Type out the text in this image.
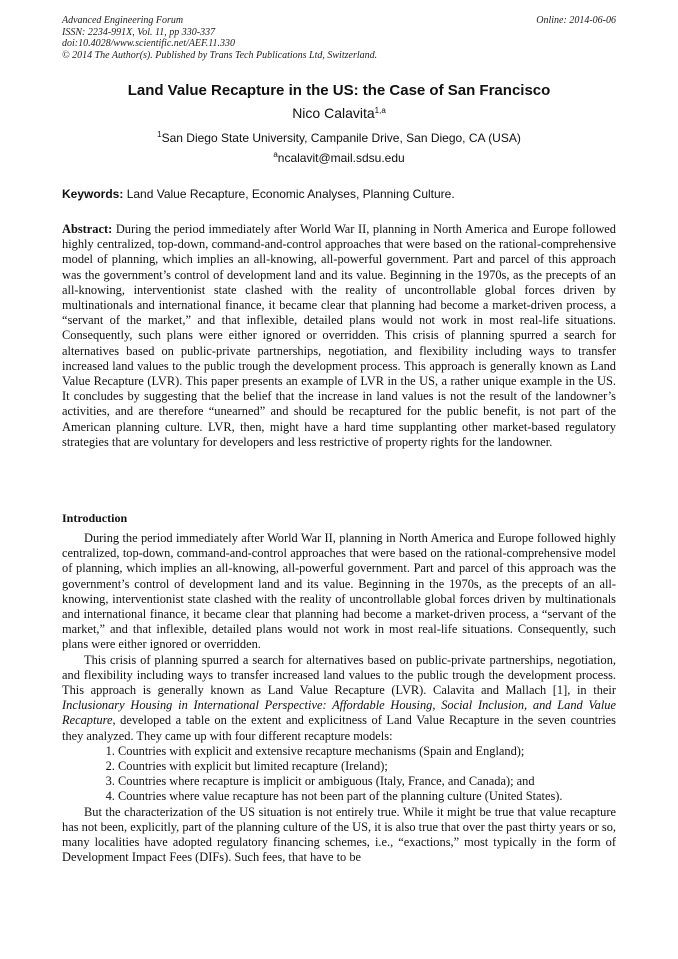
Advanced Engineering Forum
ISSN: 2234-991X, Vol. 11, pp 330-337
doi:10.4028/www.scientific.net/AEF.11.330
© 2014 The Author(s). Published by Trans Tech Publications Ltd, Switzerland.
Online: 2014-06-06
Land Value Recapture in the US: the Case of San Francisco
Nico Calavita$^{1,a}$
$^1$San Diego State University, Campanile Drive, San Diego, CA (USA)
$^a$ncalavit@mail.sdsu.edu
Keywords: Land Value Recapture, Economic Analyses, Planning Culture.
Abstract: During the period immediately after World War II, planning in North America and Europe followed highly centralized, top-down, command-and-control approaches that were based on the rational-comprehensive model of planning, which implies an all-knowing, all-powerful government. Part and parcel of this approach was the government’s control of development land and its value. Beginning in the 1970s, as the precepts of an all-knowing, interventionist state clashed with the reality of uncontrollable global forces driven by multinationals and international finance, it became clear that planning had become a market-driven process, a “servant of the market,” and that inflexible, detailed plans would not work in most real-life situations. Consequently, such plans were either ignored or overridden. This crisis of planning spurred a search for alternatives based on public-private partnerships, negotiation, and flexibility including ways to transfer increased land values to the public trough the development process. This approach is generally known as Land Value Recapture (LVR). This paper presents an example of LVR in the US, a rather unique example in the US. It concludes by suggesting that the belief that the increase in land values is not the result of the landowner’s activities, and are therefore “unearned” and should be recaptured for the public benefit, is not part of the American planning culture. LVR, then, might have a hard time supplanting other market-based regulatory strategies that are voluntary for developers and less restrictive of property rights for the landowner.
Introduction

During the period immediately after World War II, planning in North America and Europe followed highly centralized, top-down, command-and-control approaches that were based on the rational-comprehensive model of planning, which implies an all-knowing, all-powerful government. Part and parcel of this approach was the government’s control of development land and its value. Beginning in the 1970s, as the precepts of an all-knowing, interventionist state clashed with the reality of uncontrollable global forces driven by multinationals and international finance, it became clear that planning had become a market-driven process, a “servant of the market,” and that inflexible, detailed plans would not work in most real-life situations. Consequently, such plans were either ignored or overridden.

This crisis of planning spurred a search for alternatives based on public-private partnerships, negotiation, and flexibility including ways to transfer increased land values to the public trough the development process. This approach is generally known as Land Value Recapture (LVR). Calavita and Mallach [1], in their Inclusionary Housing in International Perspective: Affordable Housing, Social Inclusion, and Land Value Recapture, developed a table on the extent and explicitness of Land Value Recapture in the seven countries they analyzed. They came up with four different recapture models:

1. Countries with explicit and extensive recapture mechanisms (Spain and England);
2. Countries with explicit but limited recapture (Ireland);
3. Countries where recapture is implicit or ambiguous (Italy, France, and Canada); and
4. Countries where value recapture has not been part of the planning culture (United States).

But the characterization of the US situation is not entirely true. While it might be true that value recapture has not been, explicitly, part of the planning culture of the US, it is also true that over the past thirty years or so, many localities have adopted regulatory financing schemes, i.e., “exactions,” most typically in the form of Development Impact Fees (DIFs). Such fees, that have to be
